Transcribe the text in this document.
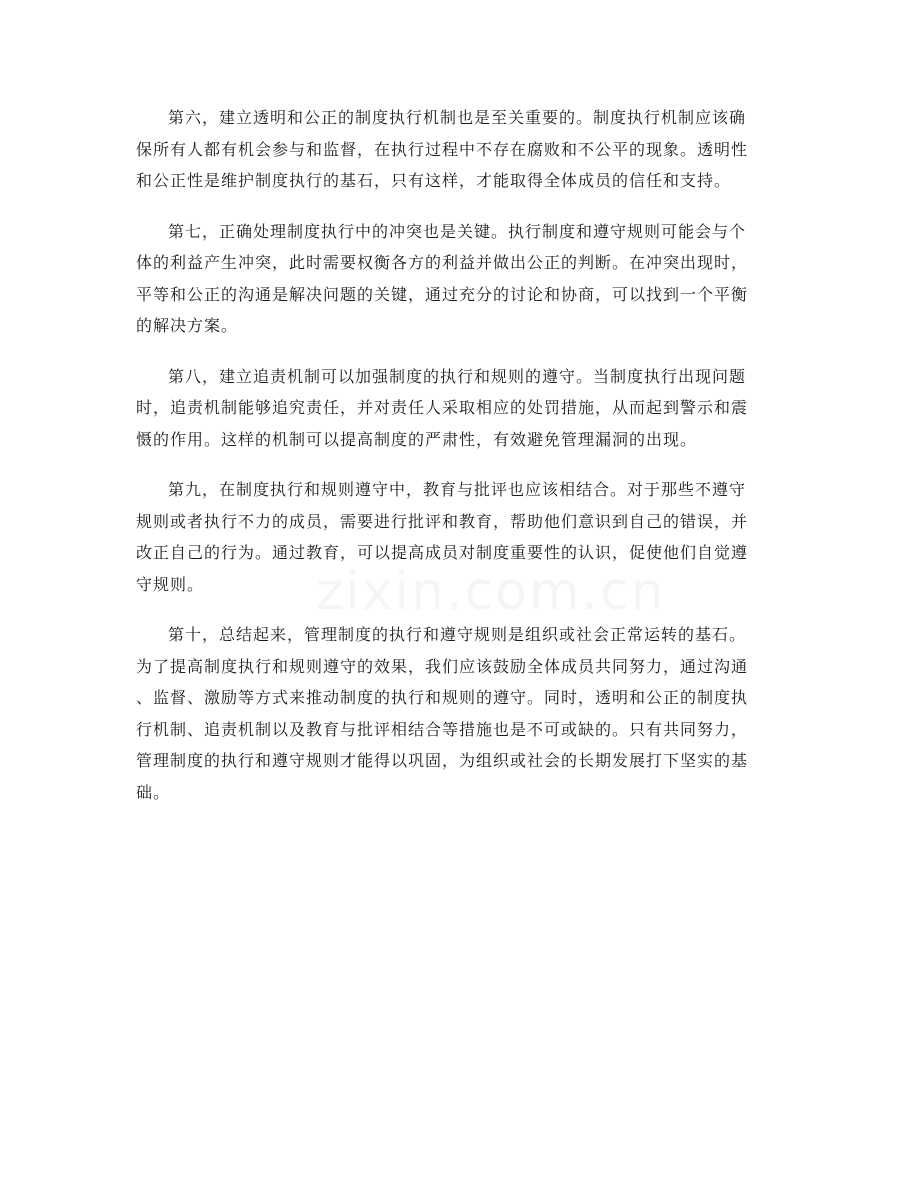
第六，建立透明和公正的制度执行机制也是至关重要的。制度执行机制应该确
保所有人都有机会参与和监督，在执行过程中不存在腐败和不公平的现象。透明性
和公正性是维护制度执行的基石，只有这样，才能取得全体成员的信任和支持。

第七，正确处理制度执行中的冲突也是关键。执行制度和遵守规则可能会与个
体的利益产生冲突，此时需要权衡各方的利益并做出公正的判断。在冲突出现时，
平等和公正的沟通是解决问题的关键，通过充分的讨论和协商，可以找到一个平衡
的解决方案。

第八，建立追责机制可以加强制度的执行和规则的遵守。当制度执行出现问题
时，追责机制能够追究责任，并对责任人采取相应的处罚措施，从而起到警示和震
慑的作用。这样的机制可以提高制度的严肃性，有效避免管理漏洞的出现。

第九，在制度执行和规则遵守中，教育与批评也应该相结合。对于那些不遵守
规则或者执行不力的成员，需要进行批评和教育，帮助他们意识到自己的错误，并
改正自己的行为。通过教育，可以提高成员对制度重要性的认识，促使他们自觉遵
守规则。

第十，总结起来，管理制度的执行和遵守规则是组织或社会正常运转的基石。
为了提高制度执行和规则遵守的效果，我们应该鼓励全体成员共同努力，通过沟通
、监督、激励等方式来推动制度的执行和规则的遵守。同时，透明和公正的制度执
行机制、追责机制以及教育与批评相结合等措施也是不可或缺的。只有共同努力，
管理制度的执行和遵守规则才能得以巩固，为组织或社会的长期发展打下坚实的基
础。
